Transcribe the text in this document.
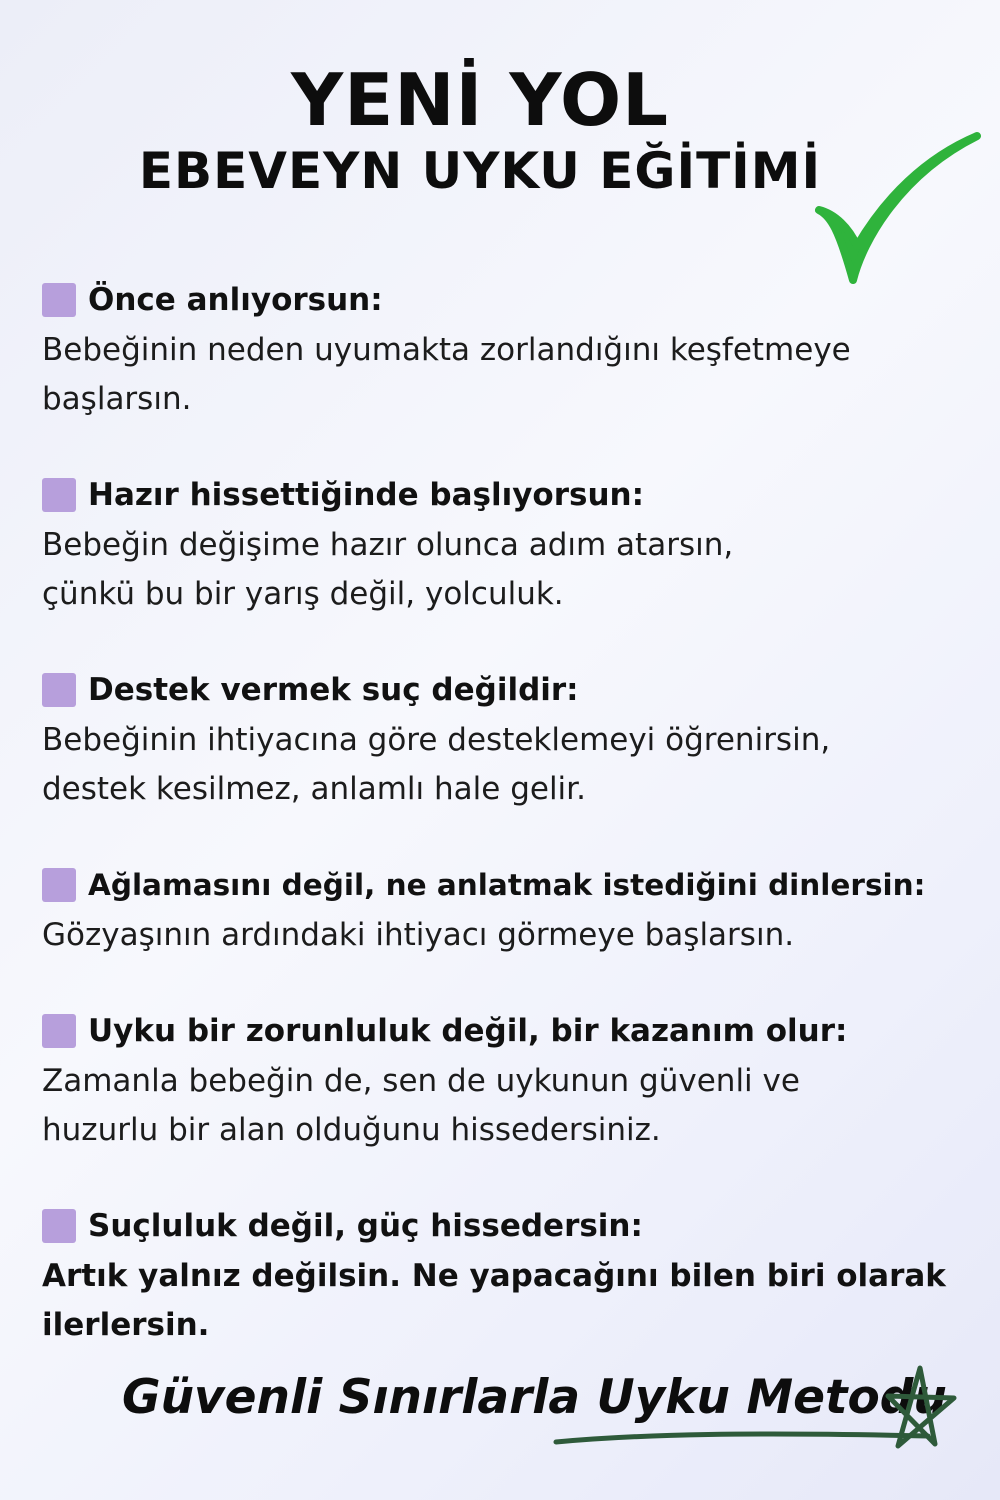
YENİ YOL
EBEVEYN UYKU EĞİTİMİ
Önce anlıyorsun:
Bebeğinin neden uyumakta zorlandığını keşfetmeye
başlarsın.
Hazır hissettiğinde başlıyorsun:
Bebeğin değişime hazır olunca adım atarsın,
çünkü bu bir yarış değil, yolculuk.
Destek vermek suç değildir:
Bebeğinin ihtiyacına göre desteklemeyi öğrenirsin,
destek kesilmez, anlamlı hale gelir.
Ağlamasını değil, ne anlatmak istediğini dinlersin:
Gözyaşının ardındaki ihtiyacı görmeye başlarsın.
Uyku bir zorunluluk değil, bir kazanım olur:
Zamanla bebeğin de, sen de uykunun güvenli ve
huzurlu bir alan olduğunu hissedersiniz.
Suçluluk değil, güç hissedersin:
Artık yalnız değilsin. Ne yapacağını bilen biri olarak
ilerlersin.
Güvenli Sınırlarla Uyku Metodu
